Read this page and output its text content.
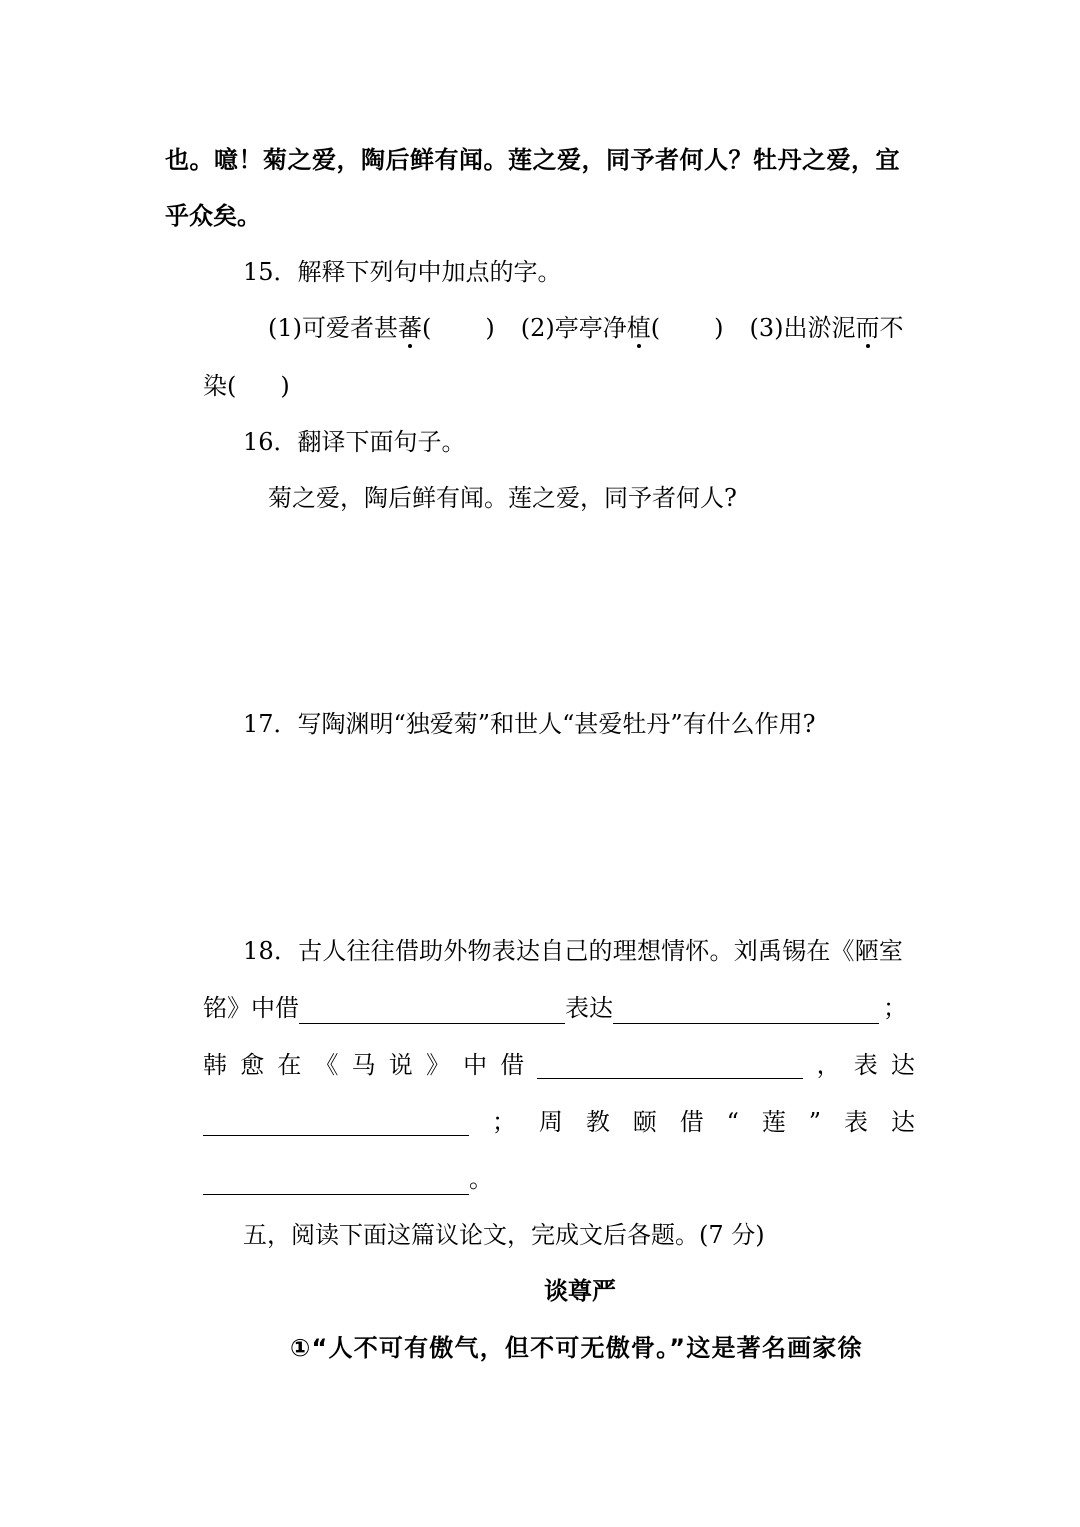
也。噫！菊之爱，陶后鲜有闻。莲之爱，同予者何人？牡丹之爱，宜
乎众矣。
15．解释下列句中加点的字。
(1)可爱者甚蕃( ) (2)亭亭净植( ) (3)出淤泥而不
染( )
16．翻译下面句子。
菊之爱，陶后鲜有闻。莲之爱，同予者何人?
17．写陶渊明“独爱菊”和世人“甚爱牡丹”有什么作用?
18．古人往往借助外物表达自己的理想情怀。刘禹锡在《陋室
铭》中借	表达	；
韩 愈 在 《 马 说 》 中 借	， 表 达
； 周 教 颐 借 “ 莲 ” 表 达
。
五，阅读下面这篇议论文，完成文后各题。(7 分)
谈尊严
①“人不可有傲气，但不可无傲骨。”这是著名画家徐
